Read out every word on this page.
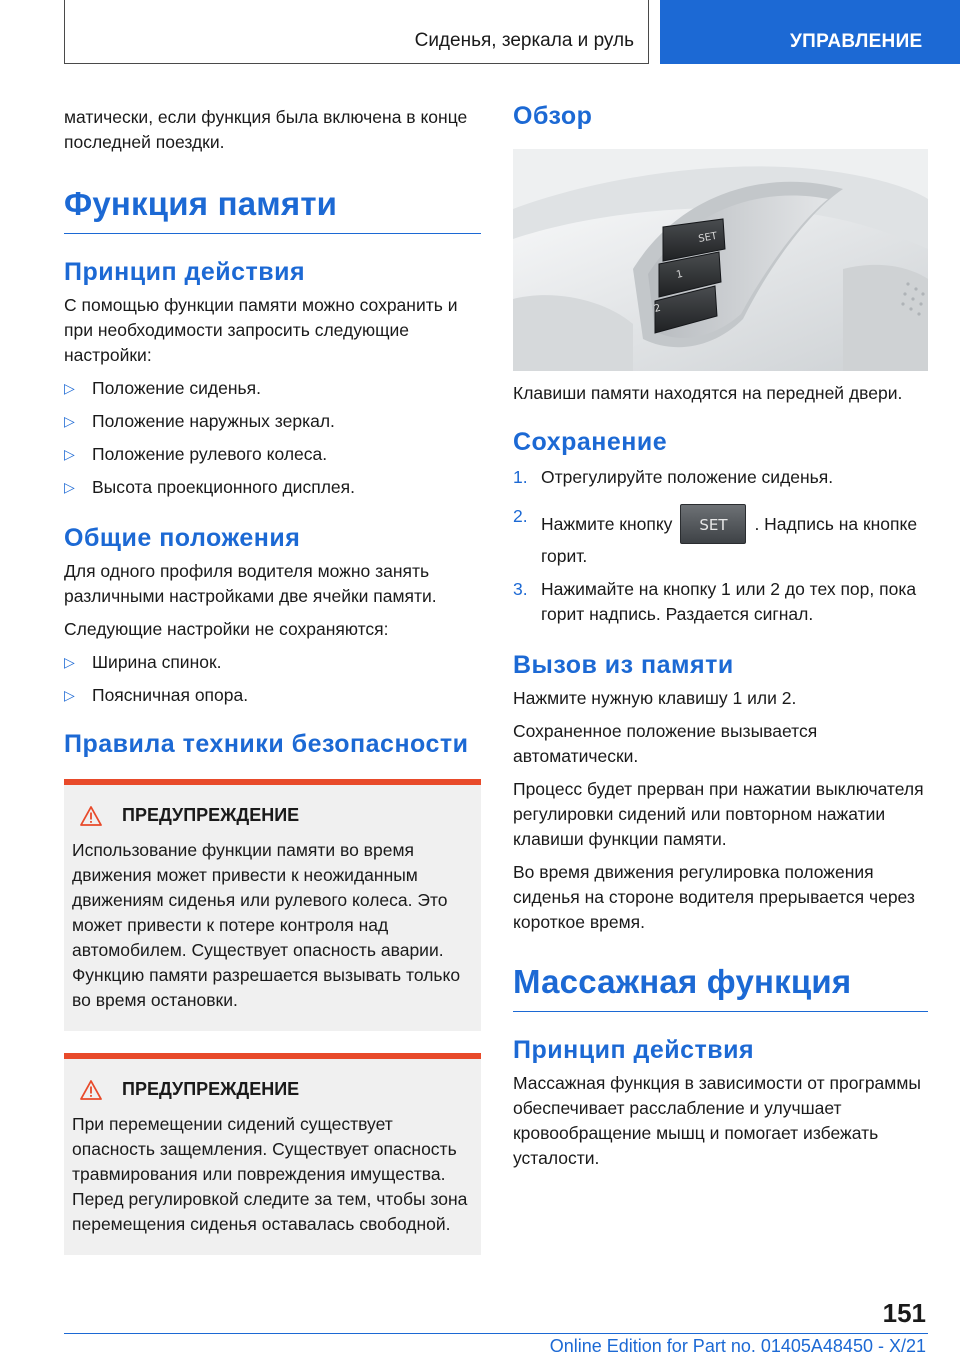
Сиденья, зеркала и руль	УПРАВЛЕНИЕ

матически, если функция была включена в конце последней поездки.

Функция памяти
Принцип действия

С помощью функции памяти можно сохранить и при необходимости запросить следующие настройки:

▷ Положение сиденья.
▷ Положение наружных зеркал.
▷ Положение рулевого колеса.
▷ Высота проекционного дисплея.
Общие положения

Для одного профиля водителя можно занять различными настройками две ячейки памяти.

Следующие настройки не сохраняются:

▷ Ширина спинок.
▷ Поясничная опора.
Правила техники безопасности
ПРЕДУПРЕЖДЕНИЕ

Использование функции памяти во время движения может привести к неожиданным движениям сиденья или рулевого колеса. Это может привести к потере контроля над автомобилем. Существует опасность аварии. Функцию памяти разрешается вызывать только во время остановки.

ПРЕДУПРЕЖДЕНИЕ

При перемещении сидений существует опасность защемления. Существует опасность травмирования или повреждения имущества. Перед регулировкой следите за тем, чтобы зона перемещения сиденья оставалась свободной.

Обзор
SET
1
2

Клавиши памяти находятся на передней двери.

Сохранение
1. Отрегулируйте положение сиденья.
2. Нажмите кнопку	SET	. Надпись на кнопке горит.
3. Нажимайте на кнопку 1 или 2 до тех пор, пока горит надпись. Раздается сигнал.
Вызов из памяти

Нажмите нужную клавишу 1 или 2.

Сохраненное положение вызывается автоматически.

Процесс будет прерван при нажатии выключателя регулировки сидений или повторном нажатии клавиши функции памяти.

Во время движения регулировка положения сиденья на стороне водителя прерывается через короткое время.

Массажная функция
Принцип действия

Массажная функция в зависимости от программы обеспечивает расслабление и улучшает кровообращение мышц и помогает избежать усталости.

151
Online Edition for Part no. 01405A48450 - X/21
